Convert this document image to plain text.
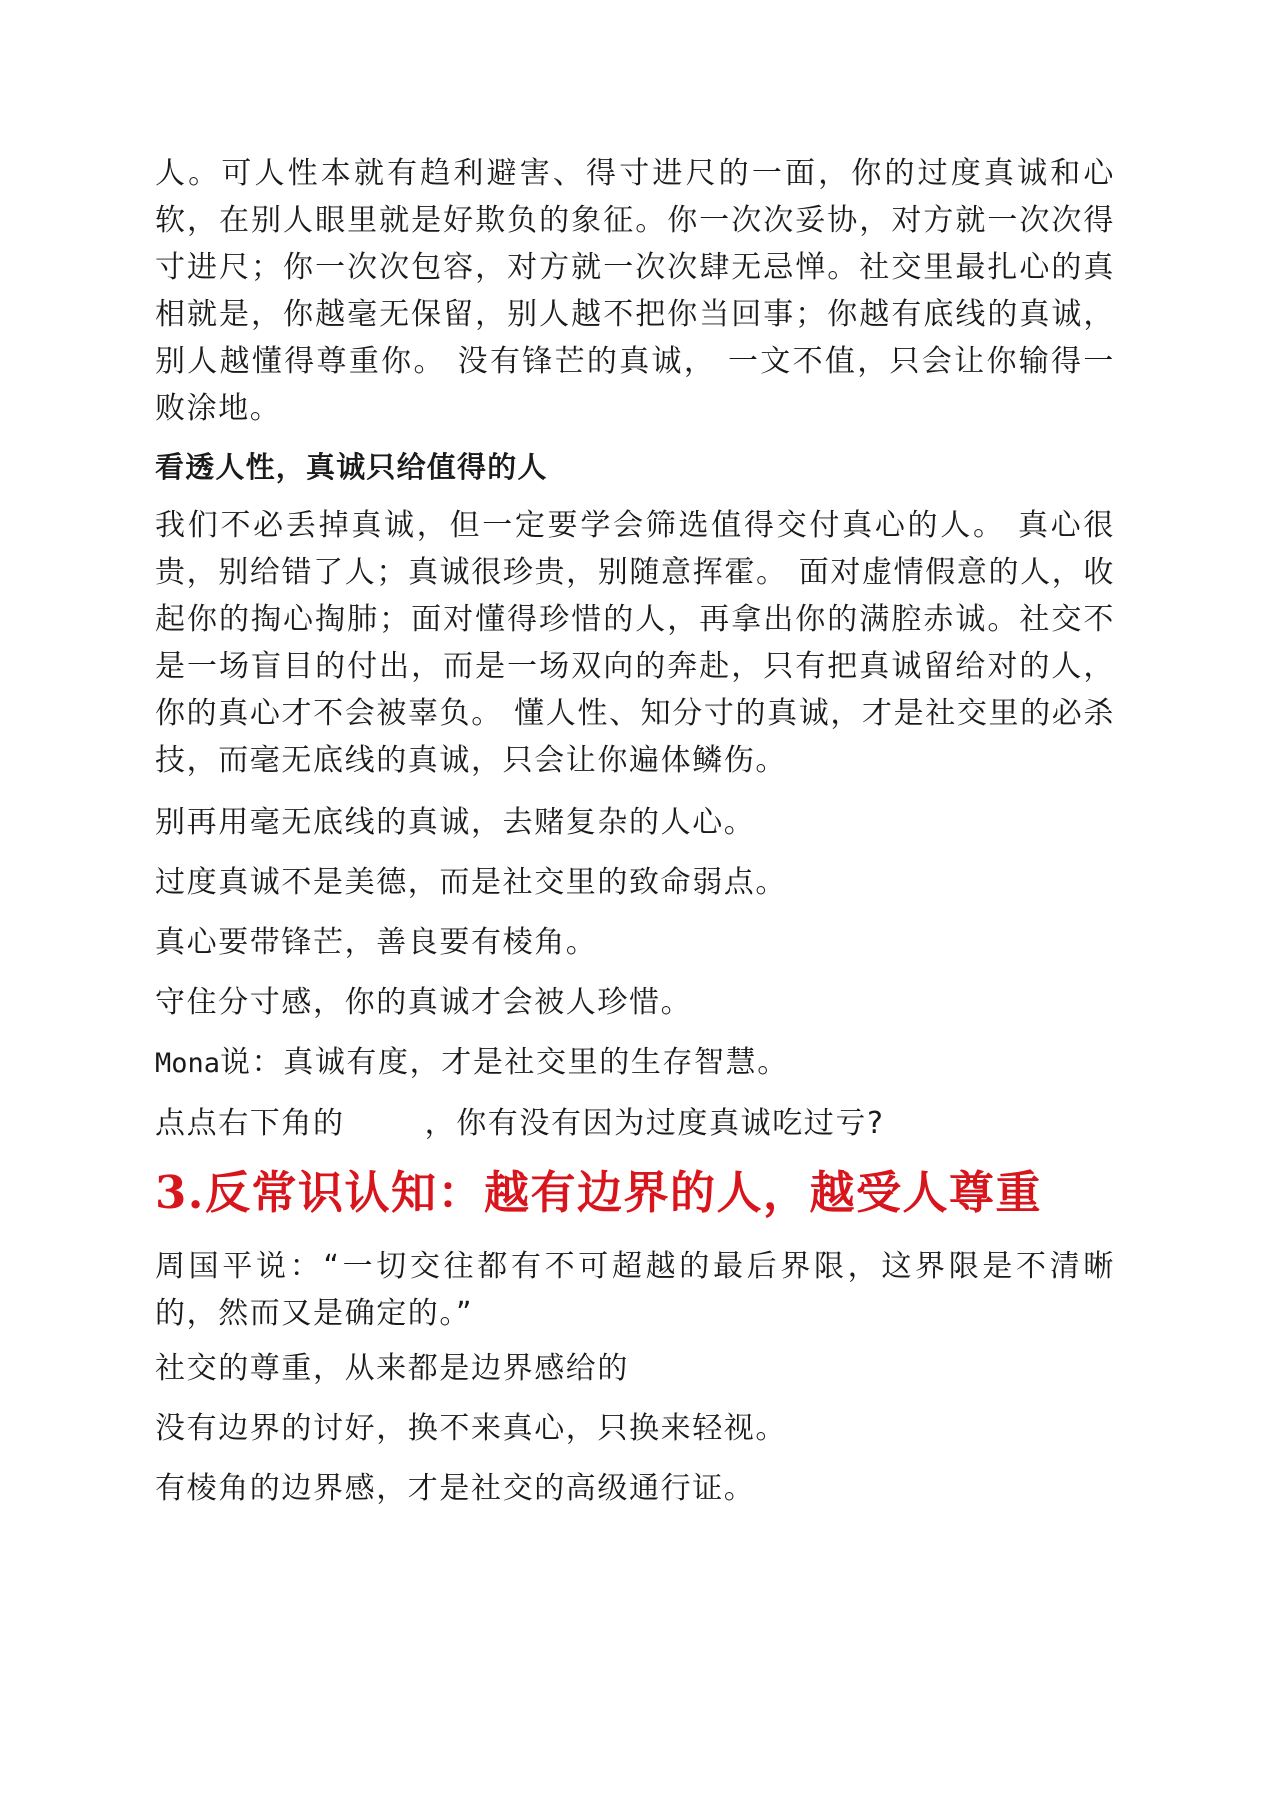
人。可人性本就有趋利避害、得寸进尺的一面，你的过度真诚和心软，在别人眼里就是好欺负的象征。你一次次妥协，对方就一次次得寸进尺；你一次次包容，对方就一次次肆无忌惮。社交里最扎心的真相就是，你越毫无保留，别人越不把你当回事；你越有底线的真诚，别人越懂得尊重你。 没有锋芒的真诚， 一文不值，只会让你输得一败涂地。

看透人性，真诚只给值得的人

我们不必丢掉真诚，但一定要学会筛选值得交付真心的人。 真心很贵，别给错了人；真诚很珍贵，别随意挥霍。 面对虚情假意的人，收起你的掏心掏肺；面对懂得珍惜的人，再拿出你的满腔赤诚。社交不是一场盲目的付出，而是一场双向的奔赴，只有把真诚留给对的人，你的真心才不会被辜负。 懂人性、知分寸的真诚，才是社交里的必杀技，而毫无底线的真诚，只会让你遍体鳞伤。

别再用毫无底线的真诚，去赌复杂的人心。

过度真诚不是美德，而是社交里的致命弱点。

真心要带锋芒，善良要有棱角。

守住分寸感，你的真诚才会被人珍惜。

Mona说：真诚有度，才是社交里的生存智慧。

点点右下角的	，你有没有因为过度真诚吃过亏?

3.反常识认知：越有边界的人，越受人尊重

周国平说：“一切交往都有不可超越的最后界限，这界限是不清晰的，然而又是确定的。”

社交的尊重，从来都是边界感给的

没有边界的讨好，换不来真心，只换来轻视。

有棱角的边界感，才是社交的高级通行证。
